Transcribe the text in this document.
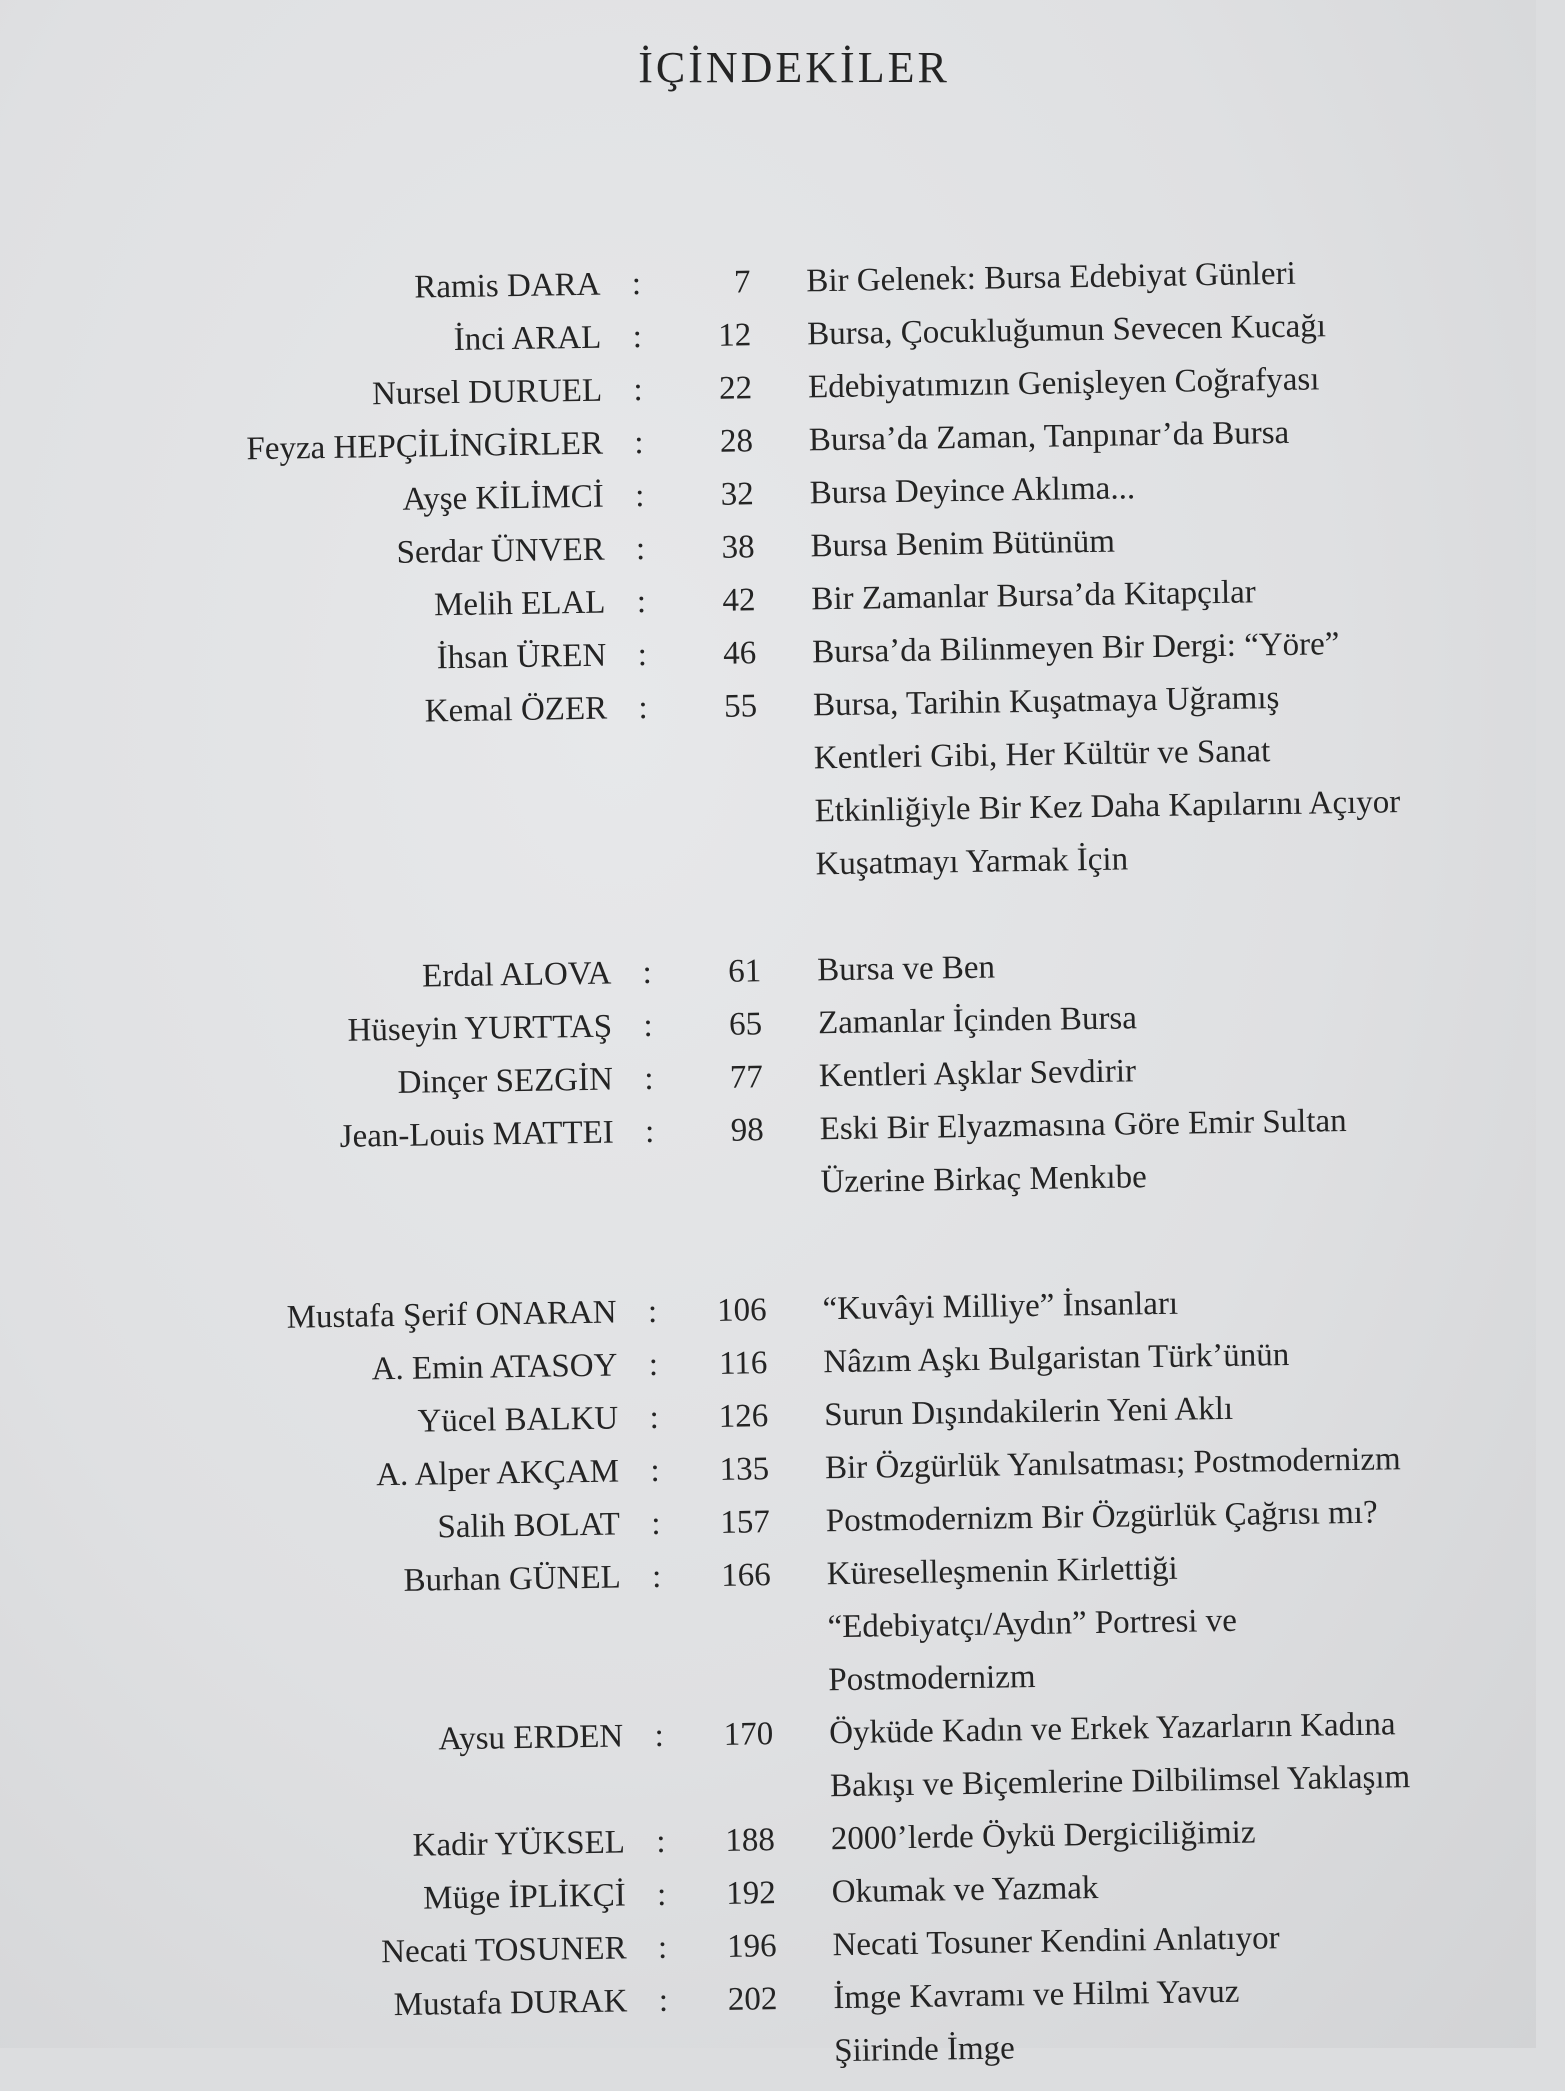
İÇİNDEKİLER
Ramis DARA :	7 Bir Gelenek: Bursa Edebiyat Günleri
İnci ARAL :	12 Bursa, Çocukluğumun Sevecen Kucağı
Nursel DURUEL :	22 Edebiyatımızın Genişleyen Coğrafyası
Feyza HEPÇİLİNGİRLER :	28 Bursa’da Zaman, Tanpınar’da Bursa
Ayşe KİLİMCİ :	32 Bursa Deyince Aklıma...
Serdar ÜNVER :	38 Bursa Benim Bütünüm
Melih ELAL :	42 Bir Zamanlar Bursa’da Kitapçılar
İhsan ÜREN :	46 Bursa’da Bilinmeyen Bir Dergi: “Yöre”
Kemal ÖZER :	55 Bursa, Tarihin Kuşatmaya Uğramış
Kentleri Gibi, Her Kültür ve Sanat
Etkinliğiyle Bir Kez Daha Kapılarını Açıyor
Kuşatmayı Yarmak İçin
Erdal ALOVA :	61 Bursa ve Ben
Hüseyin YURTTAŞ :	65 Zamanlar İçinden Bursa
Dinçer SEZGİN :	77 Kentleri Aşklar Sevdirir
Jean-Louis MATTEI :	98 Eski Bir Elyazmasına Göre Emir Sultan
Üzerine Birkaç Menkıbe
Mustafa Şerif ONARAN :	106 “Kuvâyi Milliye” İnsanları
A. Emin ATASOY :	116 Nâzım Aşkı Bulgaristan Türk’ünün
Yücel BALKU :	126 Surun Dışındakilerin Yeni Aklı
A. Alper AKÇAM :	135 Bir Özgürlük Yanılsatması; Postmodernizm
Salih BOLAT :	157 Postmodernizm Bir Özgürlük Çağrısı mı?
Burhan GÜNEL :	166 Küreselleşmenin Kirlettiği
“Edebiyatçı/Aydın” Portresi ve
Postmodernizm
Aysu ERDEN :	170 Öyküde Kadın ve Erkek Yazarların Kadına
Bakışı ve Biçemlerine Dilbilimsel Yaklaşım
Kadir YÜKSEL :	188 2000’lerde Öykü Dergiciliğimiz
Müge İPLİKÇİ :	192 Okumak ve Yazmak
Necati TOSUNER :	196 Necati Tosuner Kendini Anlatıyor
Mustafa DURAK :	202 İmge Kavramı ve Hilmi Yavuz
Şiirinde İmge
